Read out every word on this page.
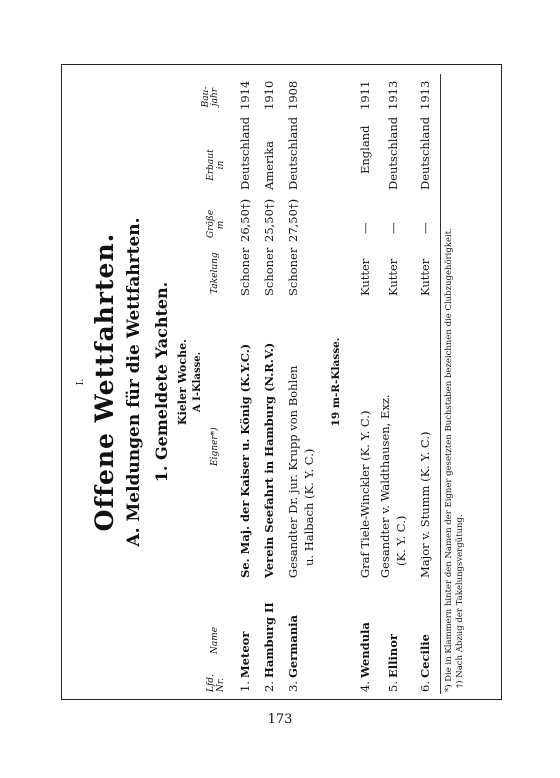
I. Offene Wettfahrten. A. Meldungen für die Wettfahrten. 1. Gemeldete Yachten. Kieler Woche. A I-Klasse.
Lfd. Nr.
Name
Eigner*)
Takelung
Größe m
Erbaut in
Bau-jahr
1.
Meteor
Se. Maj. der Kaiser u. König (K.Y.C.)
Schoner
26,50†)
Deutschland
1914
2.
Hamburg II
Verein Seefahrt in Hamburg (N.R.V.)
Schoner
25,50†)
Amerika
1910
3.
Germania
Gesandter Dr. jur. Krupp von Bohlen u. Halbach (K. Y. C.)
Schoner
27,50†)
Deutschland
1908
19 m-R-Klasse.
4.
Wendula
Graf Tiele-Winckler (K. Y. C.)
Kutter
—
England
1911
5.
Ellinor
Gesandter v. Waldthausen, Exz. (K. Y. C.)
Kutter
—
Deutschland
1913
6.
Cecilie
Major v. Stumm (K. Y. C.)
Kutter
—
Deutschland
1913
*) Die in Klammern hinter den Namen der Eigner gesetzten Buchstaben bezeichnen die Clubzugehörigkeit. †) Nach Abzug der Takelungsvergütung.
173
